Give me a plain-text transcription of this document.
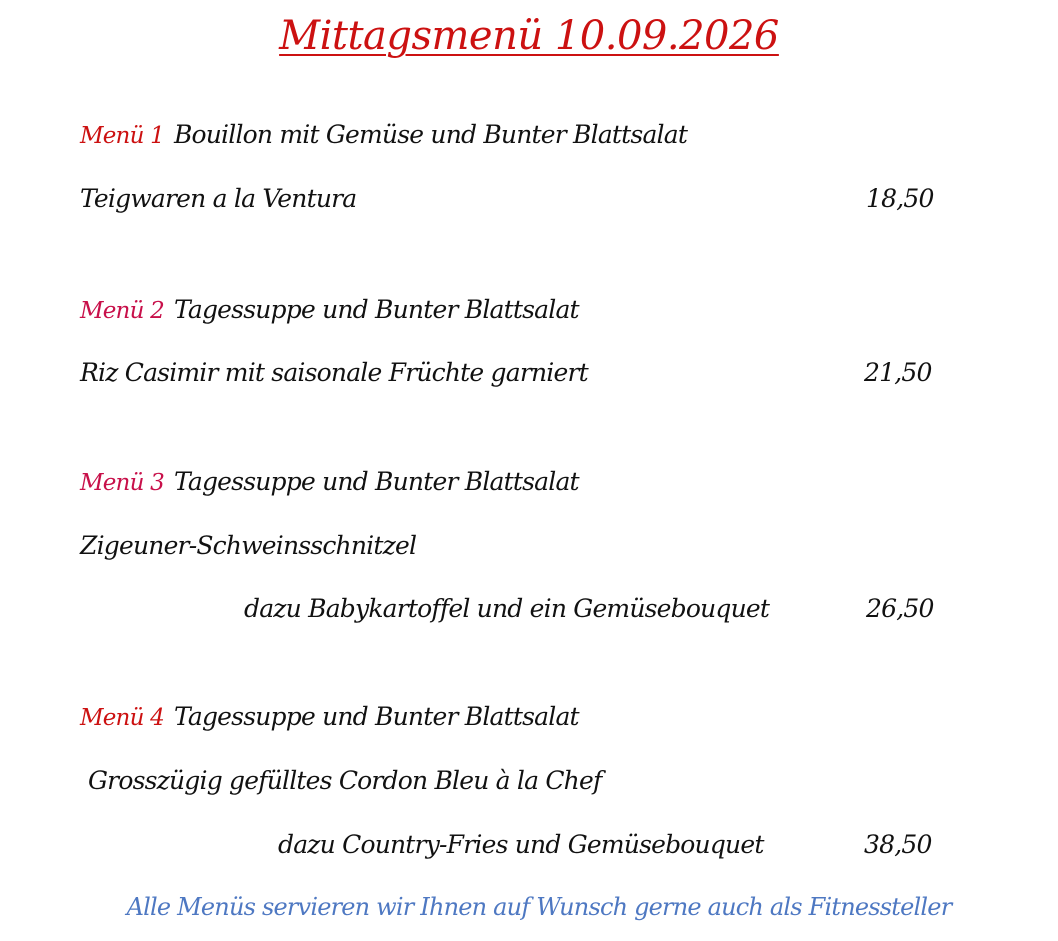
Mittagsmenü 10.09.2026
Menü 1 Bouillon mit Gemüse und Bunter Blattsalat
Teigwaren a la Ventura	18,50
Menü 2 Tagessuppe und Bunter Blattsalat
Riz Casimir mit saisonale Früchte garniert	21,50
Menü 3 Tagessuppe und Bunter Blattsalat
Zigeuner-Schweinsschnitzel
dazu Babykartoffel und ein Gemüsebouquet	26,50
Menü 4 Tagessuppe und Bunter Blattsalat
Grosszügig gefülltes Cordon Bleu à la Chef
dazu Country-Fries und Gemüsebouquet	38,50
Alle Menüs servieren wir Ihnen auf Wunsch gerne auch als Fitnessteller
